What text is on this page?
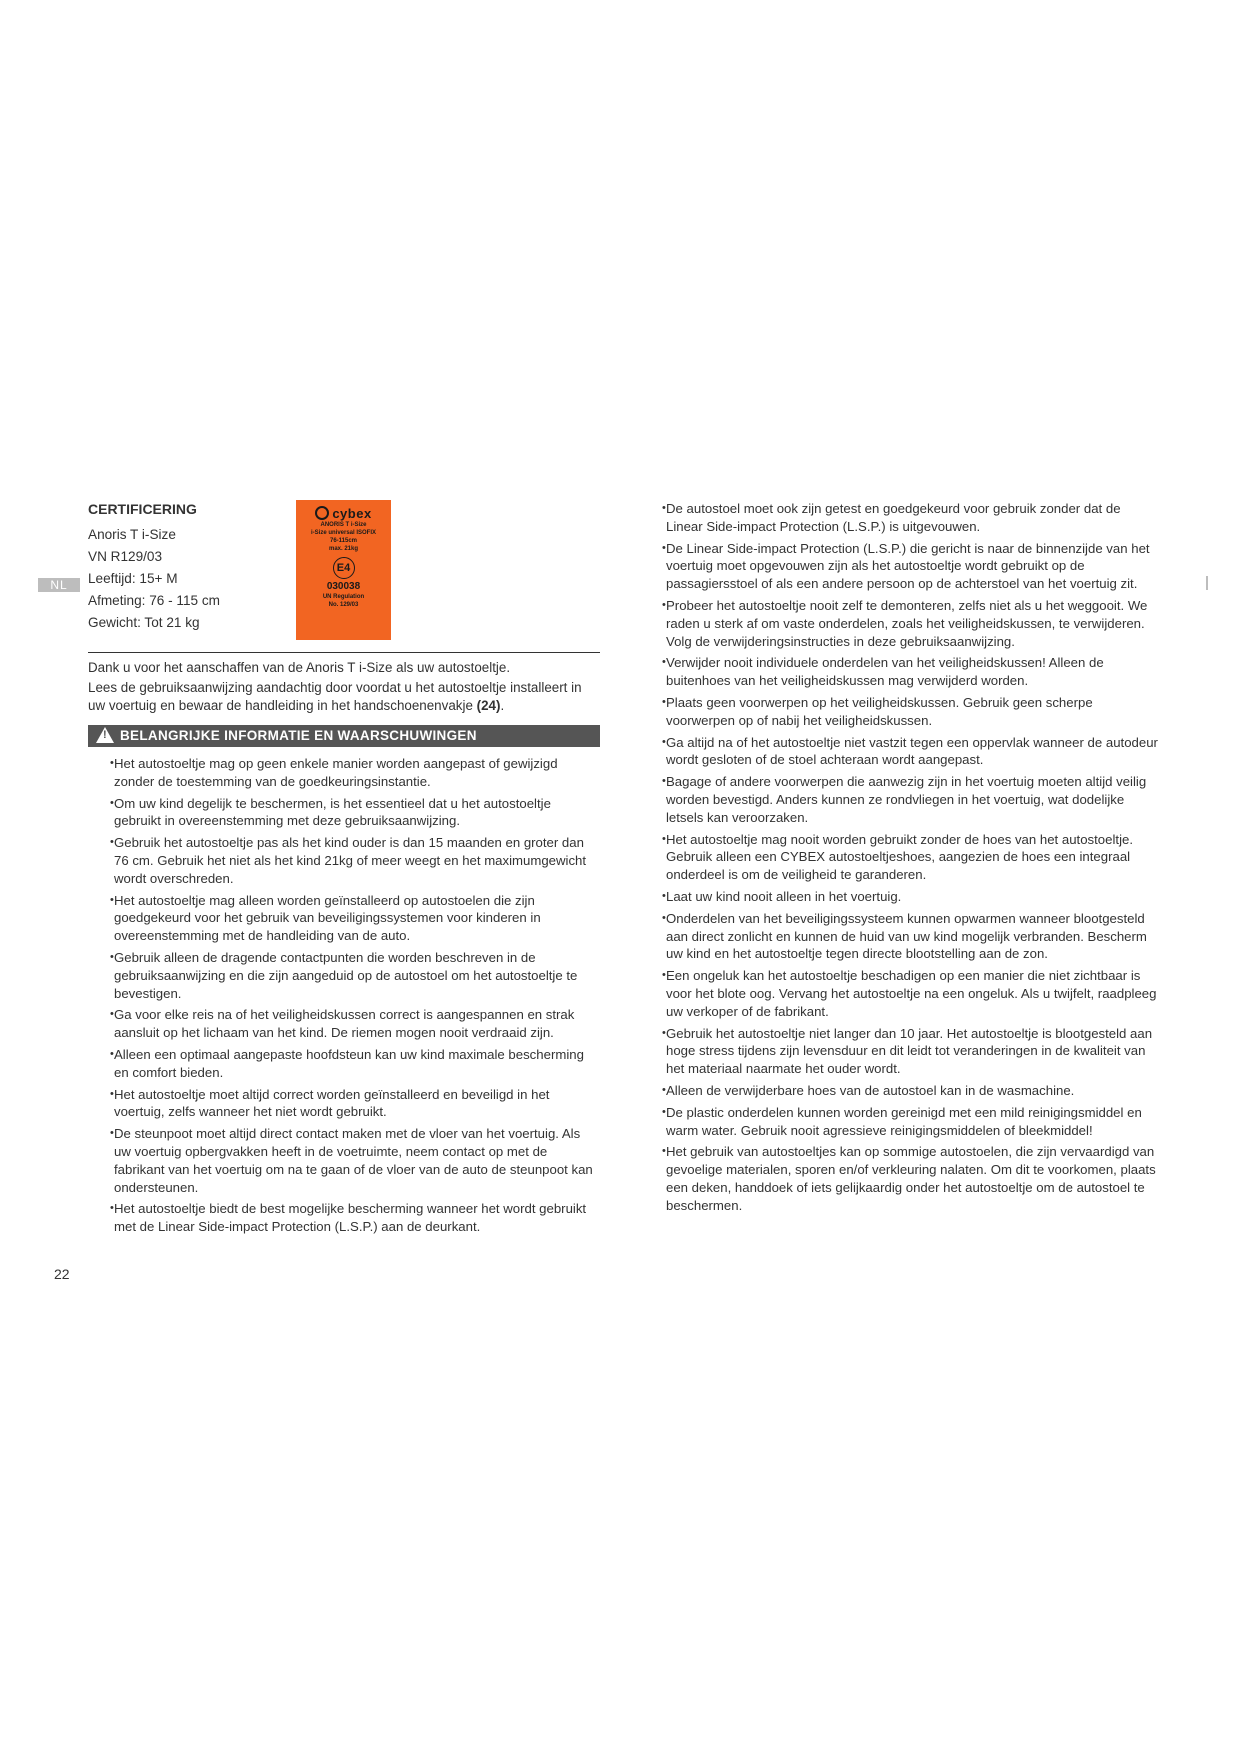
NL
CERTIFICERING

Anoris T i-Size

VN R129/03

Leeftijd: 15+ M

Afmeting: 76 - 115 cm

Gewicht: Tot 21 kg

cybex
ANORIS T i-Size
i-Size universal ISOFIX
76-115cm
max. 21kg
E4
030038
UN Regulation
No. 129/03

Dank u voor het aanschaffen van de Anoris T i-Size als uw autostoeltje.

Lees de gebruiksaanwijzing aandachtig door voordat u het autostoeltje installeert in uw voertuig en bewaar de handleiding in het handschoenenvakje (24).

!BELANGRIJKE INFORMATIE EN WAARSCHUWINGEN
• Het autostoeltje mag op geen enkele manier worden aangepast of gewijzigd zonder de toestemming van de goedkeuringsinstantie.
• Om uw kind degelijk te beschermen, is het essentieel dat u het autostoeltje gebruikt in overeenstemming met deze gebruiksaanwijzing.
• Gebruik het autostoeltje pas als het kind ouder is dan 15 maanden en groter dan 76 cm. Gebruik het niet als het kind 21kg of meer weegt en het maximumgewicht wordt overschreden.
• Het autostoeltje mag alleen worden geïnstalleerd op autostoelen die zijn goedgekeurd voor het gebruik van beveiligingssystemen voor kinderen in overeenstemming met de handleiding van de auto.
• Gebruik alleen de dragende contactpunten die worden beschreven in de gebruiksaanwijzing en die zijn aangeduid op de autostoel om het autostoeltje te bevestigen.
• Ga voor elke reis na of het veiligheidskussen correct is aangespannen en strak aansluit op het lichaam van het kind. De riemen mogen nooit verdraaid zijn.
• Alleen een optimaal aangepaste hoofdsteun kan uw kind maximale bescherming en comfort bieden.
• Het autostoeltje moet altijd correct worden geïnstalleerd en beveiligd in het voertuig, zelfs wanneer het niet wordt gebruikt.
• De steunpoot moet altijd direct contact maken met de vloer van het voertuig. Als uw voertuig opbergvakken heeft in de voetruimte, neem contact op met de fabrikant van het voertuig om na te gaan of de vloer van de auto de steunpoot kan ondersteunen.
• Het autostoeltje biedt de best mogelijke bescherming wanneer het wordt gebruikt met de Linear Side-impact Protection (L.S.P.) aan de deurkant.
• De autostoel moet ook zijn getest en goedgekeurd voor gebruik zonder dat de Linear Side-impact Protection (L.S.P.) is uitgevouwen.
• De Linear Side-impact Protection (L.S.P.) die gericht is naar de binnenzijde van het voertuig moet opgevouwen zijn als het autostoeltje wordt gebruikt op de passagiersstoel of als een andere persoon op de achterstoel van het voertuig zit.
• Probeer het autostoeltje nooit zelf te demonteren, zelfs niet als u het weggooit. We raden u sterk af om vaste onderdelen, zoals het veiligheidskussen, te verwijderen. Volg de verwijderingsinstructies in deze gebruiksaanwijzing.
• Verwijder nooit individuele onderdelen van het veiligheidskussen! Alleen de buitenhoes van het veiligheidskussen mag verwijderd worden.
• Plaats geen voorwerpen op het veiligheidskussen. Gebruik geen scherpe voorwerpen op of nabij het veiligheidskussen.
• Ga altijd na of het autostoeltje niet vastzit tegen een oppervlak wanneer de autodeur wordt gesloten of de stoel achteraan wordt aangepast.
• Bagage of andere voorwerpen die aanwezig zijn in het voertuig moeten altijd veilig worden bevestigd. Anders kunnen ze rondvliegen in het voertuig, wat dodelijke letsels kan veroorzaken.
• Het autostoeltje mag nooit worden gebruikt zonder de hoes van het autostoeltje. Gebruik alleen een CYBEX autostoeltjeshoes, aangezien de hoes een integraal onderdeel is om de veiligheid te garanderen.
• Laat uw kind nooit alleen in het voertuig.
• Onderdelen van het beveiligingssysteem kunnen opwarmen wanneer blootgesteld aan direct zonlicht en kunnen de huid van uw kind mogelijk verbranden. Bescherm uw kind en het autostoeltje tegen directe blootstelling aan de zon.
• Een ongeluk kan het autostoeltje beschadigen op een manier die niet zichtbaar is voor het blote oog. Vervang het autostoeltje na een ongeluk. Als u twijfelt, raadpleeg uw verkoper of de fabrikant.
• Gebruik het autostoeltje niet langer dan 10 jaar. Het autostoeltje is blootgesteld aan hoge stress tijdens zijn levensduur en dit leidt tot veranderingen in de kwaliteit van het materiaal naarmate het ouder wordt.
• Alleen de verwijderbare hoes van de autostoel kan in de wasmachine.
• De plastic onderdelen kunnen worden gereinigd met een mild reinigingsmiddel en warm water. Gebruik nooit agressieve reinigingsmiddelen of bleekmiddel!
• Het gebruik van autostoeltjes kan op sommige autostoelen, die zijn vervaardigd van gevoelige materialen, sporen en/of verkleuring nalaten. Om dit te voorkomen, plaats een deken, handdoek of iets gelijkaardig onder het autostoeltje om de autostoel te beschermen.
22
